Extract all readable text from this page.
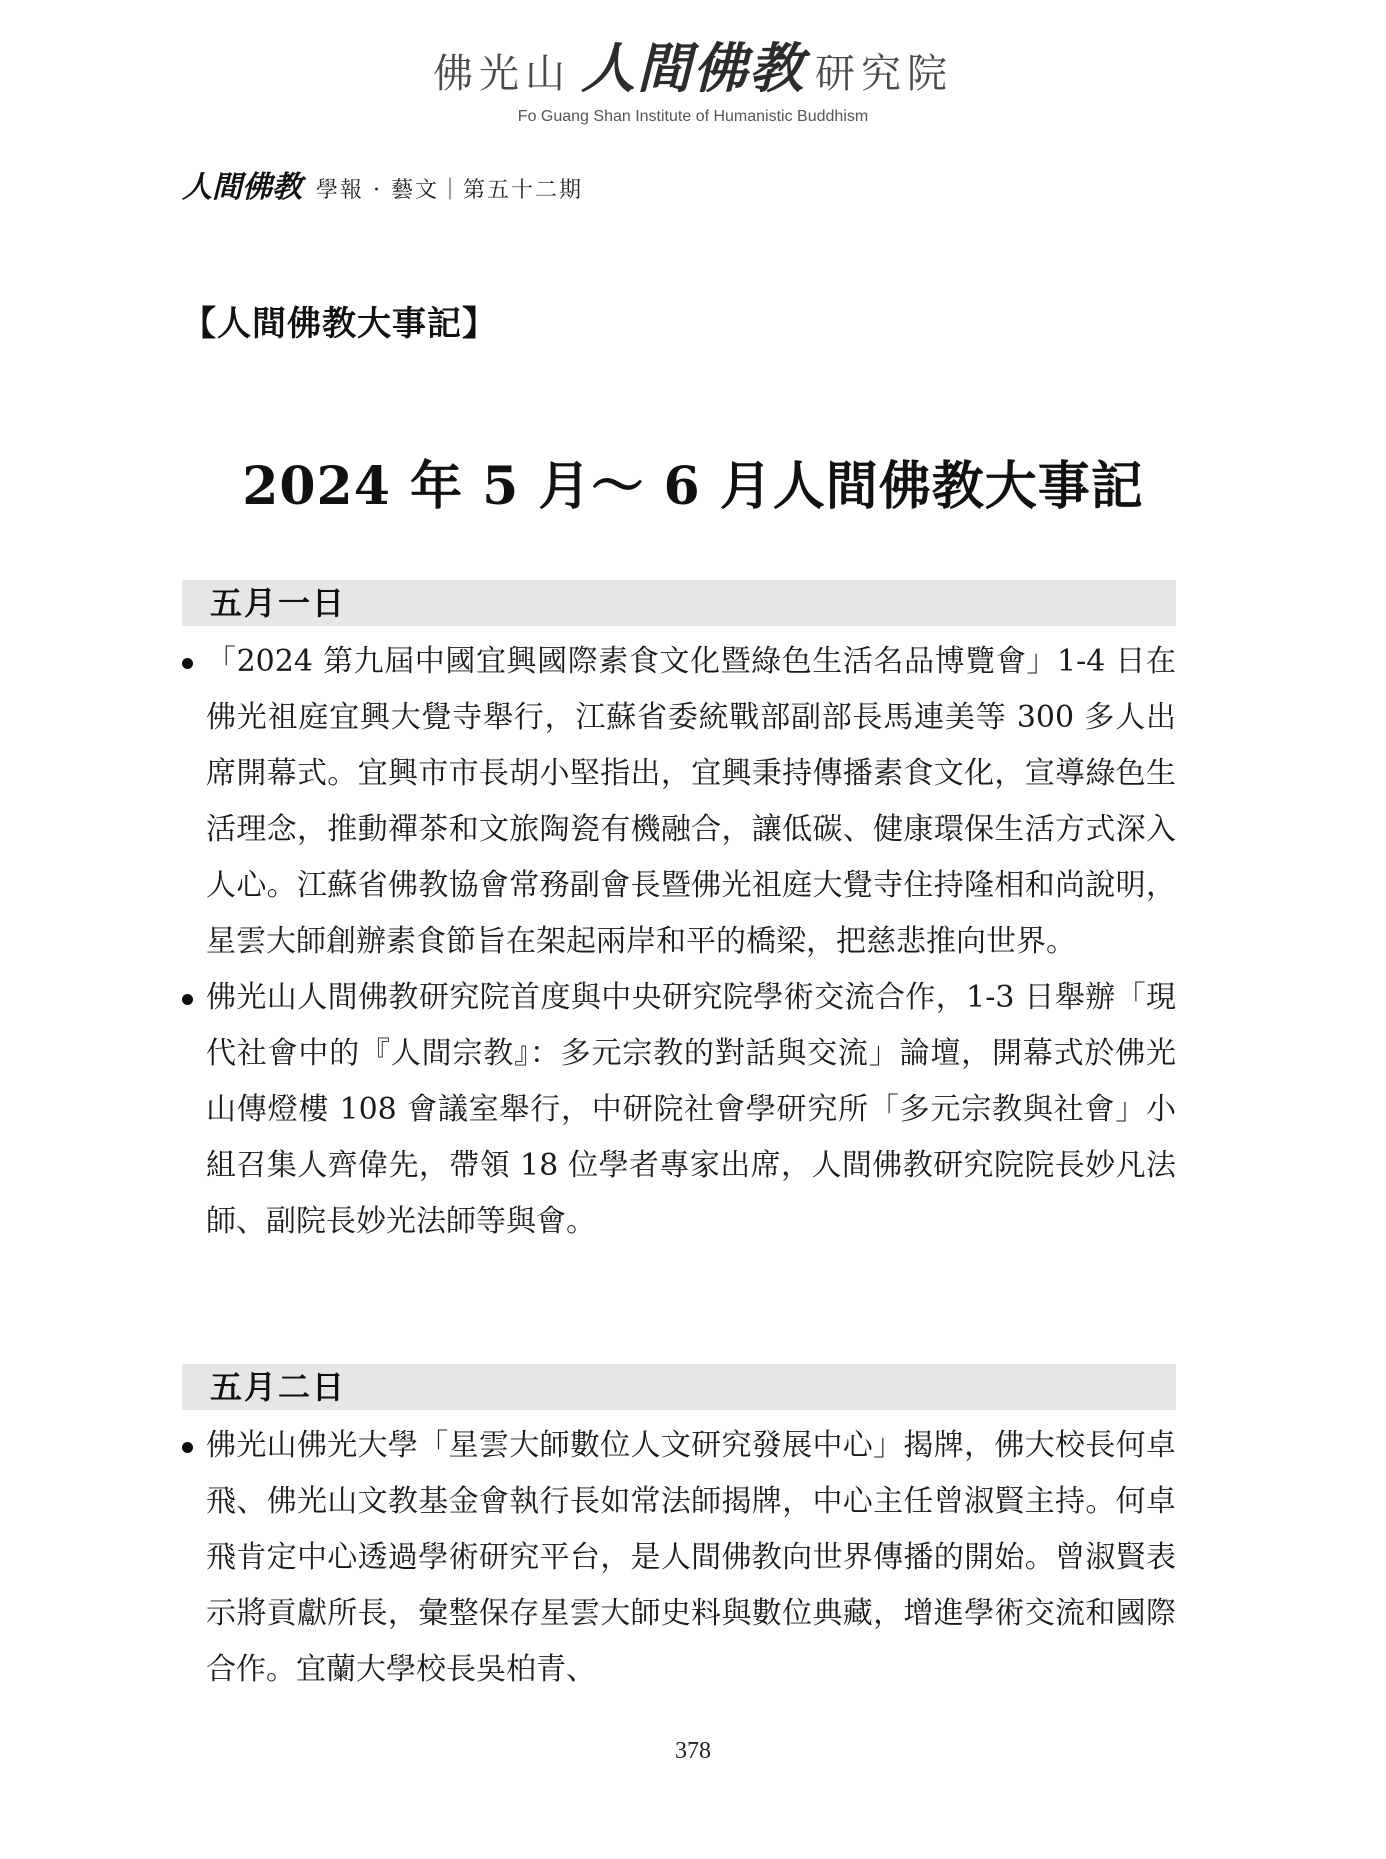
佛光山 人間佛教 研究院
Fo Guang Shan Institute of Humanistic Buddhism
人間佛教 學報 · 藝文｜第五十二期
【人間佛教大事記】
2024 年 5 月～ 6 月人間佛教大事記
五月一日
「2024 第九屆中國宜興國際素食文化暨綠色生活名品博覽會」1-4 日在佛光祖庭宜興大覺寺舉行，江蘇省委統戰部副部長馬連美等 300 多人出席開幕式。宜興市市長胡小堅指出，宜興秉持傳播素食文化，宣導綠色生活理念，推動禪茶和文旅陶瓷有機融合，讓低碳、健康環保生活方式深入人心。江蘇省佛教協會常務副會長暨佛光祖庭大覺寺住持隆相和尚說明，星雲大師創辦素食節旨在架起兩岸和平的橋梁，把慈悲推向世界。
佛光山人間佛教研究院首度與中央研究院學術交流合作，1-3 日舉辦「現代社會中的『人間宗教』：多元宗教的對話與交流」論壇，開幕式於佛光山傳燈樓 108 會議室舉行，中研院社會學研究所「多元宗教與社會」小組召集人齊偉先，帶領 18 位學者專家出席，人間佛教研究院院長妙凡法師、副院長妙光法師等與會。
五月二日
佛光山佛光大學「星雲大師數位人文研究發展中心」揭牌，佛大校長何卓飛、佛光山文教基金會執行長如常法師揭牌，中心主任曾淑賢主持。何卓飛肯定中心透過學術研究平台，是人間佛教向世界傳播的開始。曾淑賢表示將貢獻所長，彙整保存星雲大師史料與數位典藏，增進學術交流和國際合作。宜蘭大學校長吳柏青、
378
